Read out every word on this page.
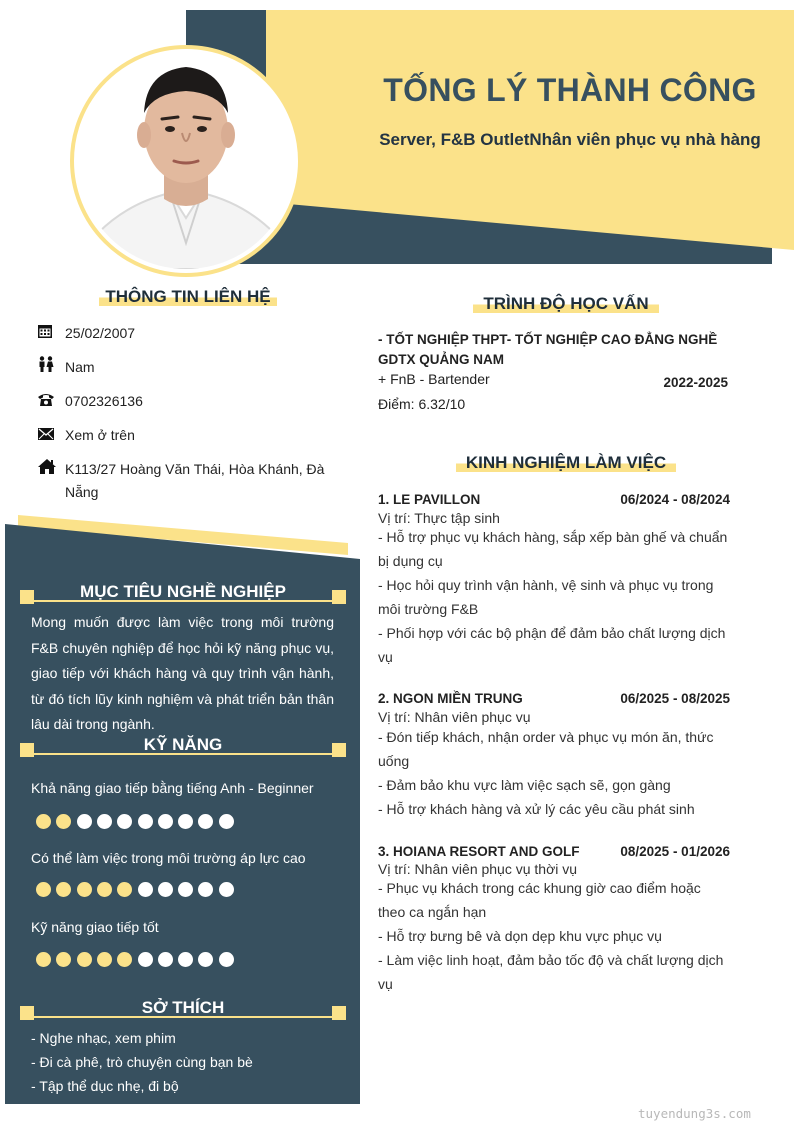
TỐNG LÝ THÀNH CÔNG
Server, F&B OutletNhân viên phục vụ nhà hàng
THÔNG TIN LIÊN HỆ
25/02/2007
Nam
0702326136
Xem ở trên
K113/27 Hoàng Văn Thái, Hòa Khánh, Đà Nẵng
MỤC TIÊU NGHỀ NGHIỆP
Mong muốn được làm việc trong môi trường F&B chuyên nghiệp để học hỏi kỹ năng phục vụ, giao tiếp với khách hàng và quy trình vận hành, từ đó tích lũy kinh nghiệm và phát triển bản thân lâu dài trong ngành.
KỸ NĂNG
Khả năng giao tiếp bằng tiếng Anh - Beginner
Có thể làm việc trong môi trường áp lực cao
Kỹ năng giao tiếp tốt
SỞ THÍCH
- Nghe nhạc, xem phim
- Đi cà phê, trò chuyện cùng bạn bè
- Tập thể dục nhẹ, đi bộ
TRÌNH ĐỘ HỌC VẤN
- TỐT NGHIỆP THPT- TỐT NGHIỆP CAO ĐẲNG NGHỀ GDTX QUẢNG NAM
+ FnB - Bartender	2022-2025
Điểm: 6.32/10
KINH NGHIỆM LÀM VIỆC
1. LE PAVILLON	06/2024 - 08/2024
Vị trí: Thực tập sinh
- Hỗ trợ phục vụ khách hàng, sắp xếp bàn ghế và chuẩn bị dụng cụ
- Học hỏi quy trình vận hành, vệ sinh và phục vụ trong môi trường F&B
- Phối hợp với các bộ phận để đảm bảo chất lượng dịch vụ
2. NGON MIỀN TRUNG	06/2025 - 08/2025
Vị trí: Nhân viên phục vụ
- Đón tiếp khách, nhận order và phục vụ món ăn, thức uống
- Đảm bảo khu vực làm việc sạch sẽ, gọn gàng
- Hỗ trợ khách hàng và xử lý các yêu cầu phát sinh
3. HOIANA RESORT AND GOLF	08/2025 - 01/2026
Vị trí: Nhân viên phục vụ thời vụ
- Phục vụ khách trong các khung giờ cao điểm hoặc theo ca ngắn hạn
- Hỗ trợ bưng bê và dọn dẹp khu vực phục vụ
- Làm việc linh hoạt, đảm bảo tốc độ và chất lượng dịch vụ
tuyendung3s.com
